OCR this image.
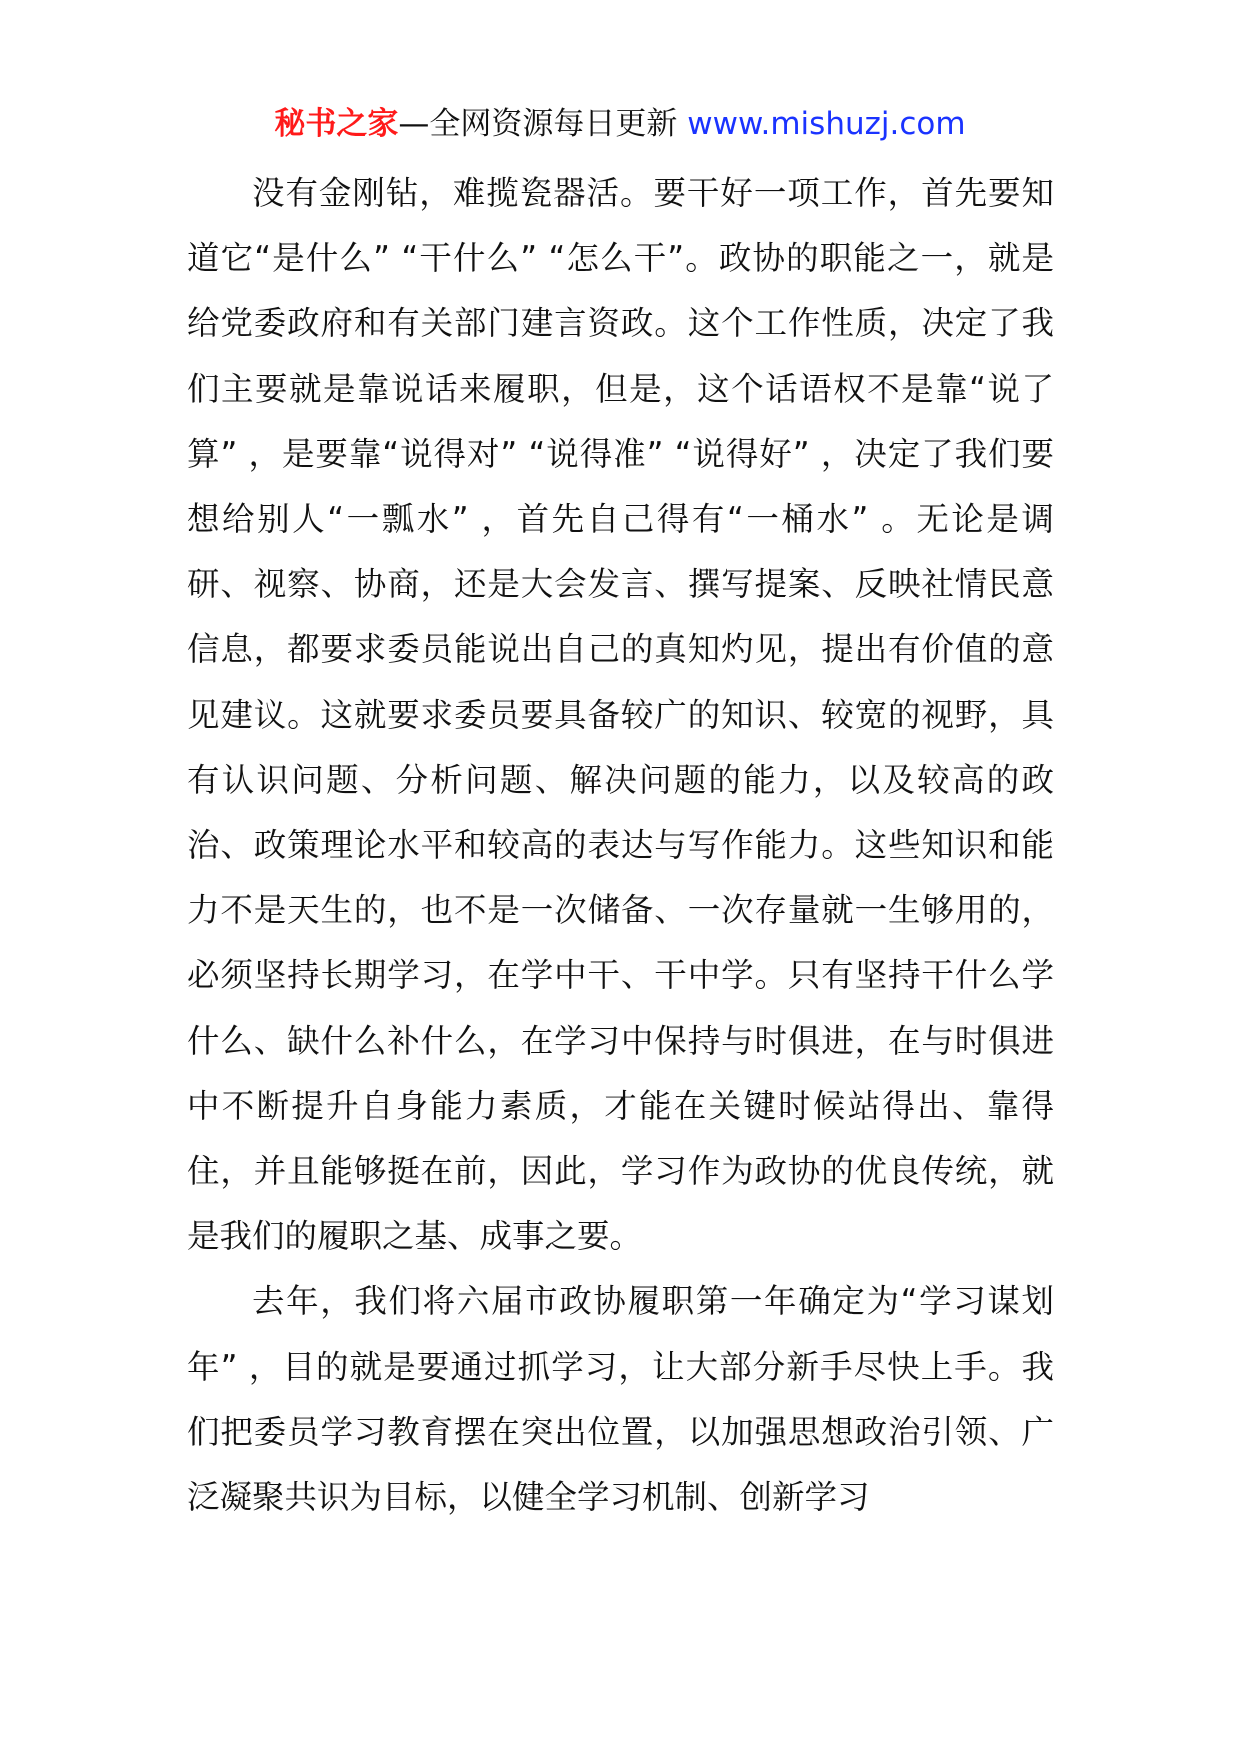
秘书之家—全网资源每日更新 www.mishuzj.com

没有金刚钻，难揽瓷器活。要干好一项工作，首先要知道它“是什么” “干什么” “怎么干”。政协的职能之一，就是给党委政府和有关部门建言资政。这个工作性质，决定了我们主要就是靠说话来履职，但是，这个话语权不是靠“说了算” ，是要靠“说得对” “说得准” “说得好” ，决定了我们要想给别人“一瓢水” ，首先自己得有“一桶水” 。无论是调研、视察、协商，还是大会发言、撰写提案、反映社情民意信息，都要求委员能说出自己的真知灼见，提出有价值的意见建议。这就要求委员要具备较广的知识、较宽的视野，具有认识问题、分析问题、解决问题的能力，以及较高的政治、政策理论水平和较高的表达与写作能力。这些知识和能力不是天生的，也不是一次储备、一次存量就一生够用的，必须坚持长期学习，在学中干、干中学。只有坚持干什么学什么、缺什么补什么，在学习中保持与时俱进，在与时俱进中不断提升自身能力素质，才能在关键时候站得出、靠得住，并且能够挺在前，因此，学习作为政协的优良传统，就是我们的履职之基、成事之要。

去年，我们将六届市政协履职第一年确定为“学习谋划年” ，目的就是要通过抓学习，让大部分新手尽快上手。我们把委员学习教育摆在突出位置，以加强思想政治引领、广泛凝聚共识为目标，以健全学习机制、创新学习
